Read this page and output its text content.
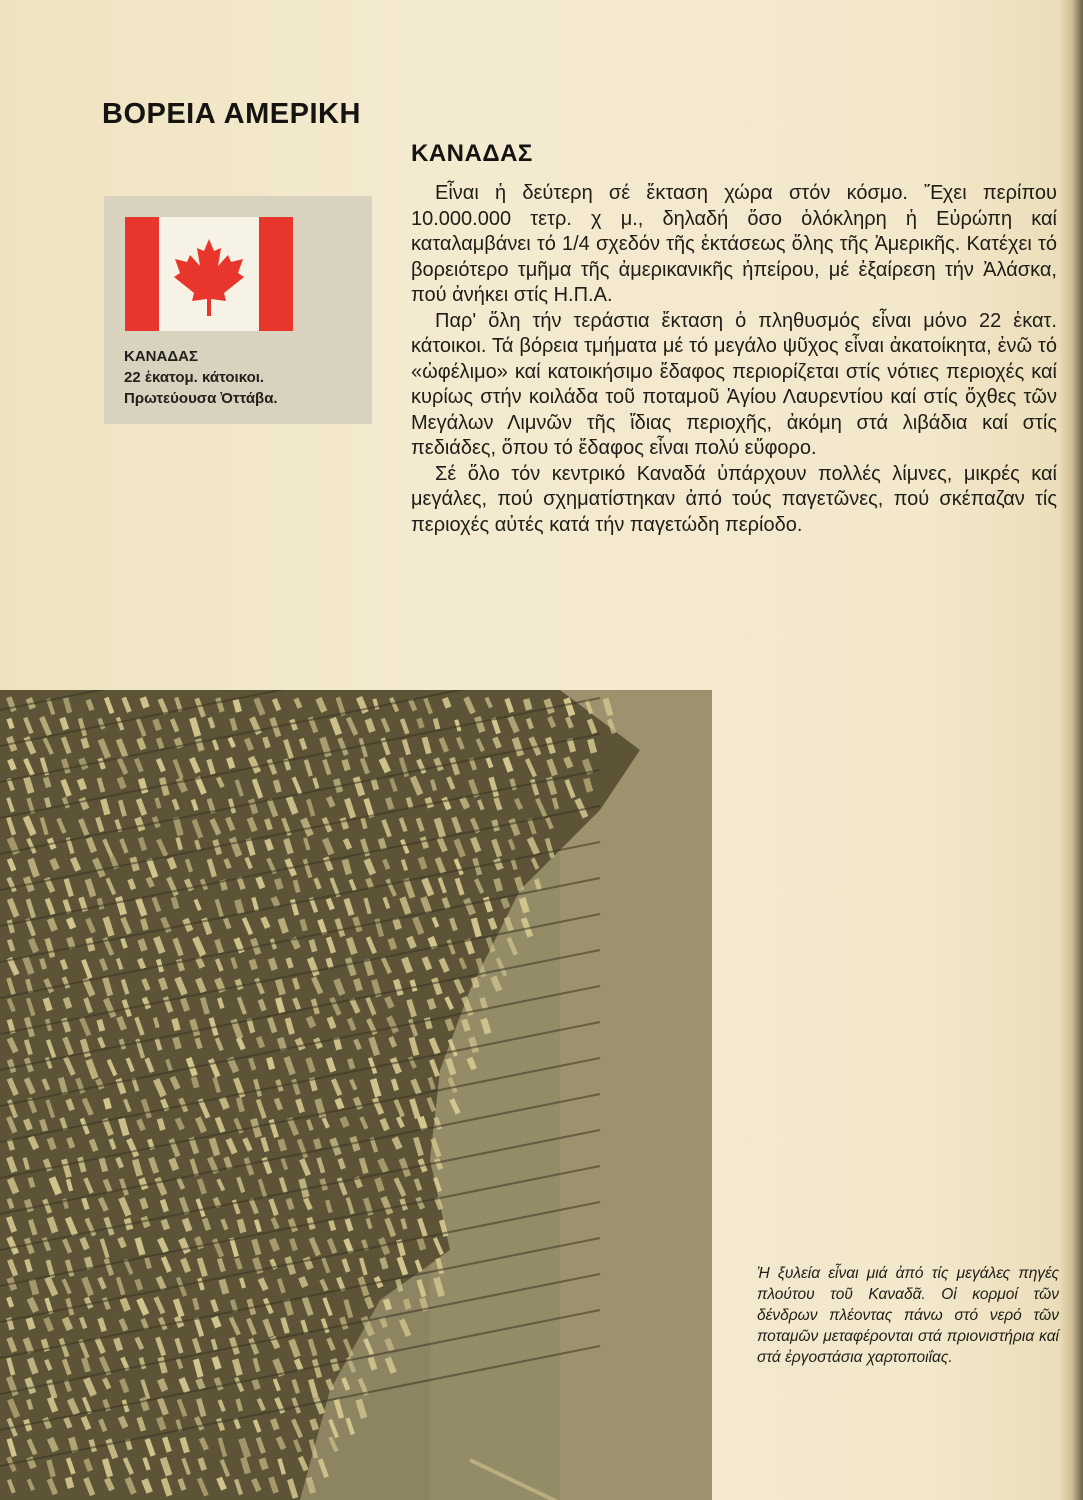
ΒΟΡΕΙΑ ΑΜΕΡΙΚΗ
ΚΑΝΑΔΑΣ
ΚΑΝΑΔΑΣ
22 ἑκατομ. κάτοικοι.
Πρωτεύουσα Ὀττάβα.

Εἶναι ἡ δεύτερη σέ ἔκταση χώρα στόν κόσμο. Ἔχει περίπου 10.000.000 τετρ. χ μ., δηλαδή ὅσο ὁλόκληρη ἡ Εὐρώπη καί καταλαμβάνει τό 1/4 σχεδόν τῆς ἐκτάσεως ὅλης τῆς Ἀμερικῆς. Κατέχει τό βορειότερο τμῆμα τῆς ἀμερικανικῆς ἠπείρου, μέ ἐξαίρεση τήν Ἀλάσκα, πού ἀνήκει στίς Η.Π.Α.

Παρ' ὅλη τήν τεράστια ἔκταση ὁ πληθυσμός εἶναι μόνο 22 ἑκατ. κάτοικοι. Τά βόρεια τμήματα μέ τό μεγάλο ψῦχος εἶναι ἀκατοίκητα, ἐνῶ τό «ὠφέλιμο» καί κατοικήσιμο ἔδαφος περιορίζεται στίς νότιες περιοχές καί κυρίως στήν κοιλάδα τοῦ ποταμοῦ Ἁγίου Λαυρεντίου καί στίς ὄχθες τῶν Μεγάλων Λιμνῶν τῆς ἴδιας περιοχῆς, ἀκόμη στά λιβάδια καί στίς πεδιάδες, ὅπου τό ἔδαφος εἶναι πολύ εὔφορο.

Σέ ὅλο τόν κεντρικό Καναδά ὑπάρχουν πολλές λίμνες, μικρές καί μεγάλες, πού σχηματίστηκαν ἀπό τούς παγετῶνες, πού σκέπαζαν τίς περιοχές αὐτές κατά τήν παγετώδη περίοδο.

Ἡ ξυλεία εἶναι μιά ἀπό τίς μεγάλες πηγές πλούτου τοῦ Καναδᾶ. Οἱ κορμοί τῶν δένδρων πλέοντας πάνω στό νερό τῶν ποταμῶν μεταφέρονται στά πριονιστήρια καί στά ἐργοστάσια χαρτοποιΐας.
